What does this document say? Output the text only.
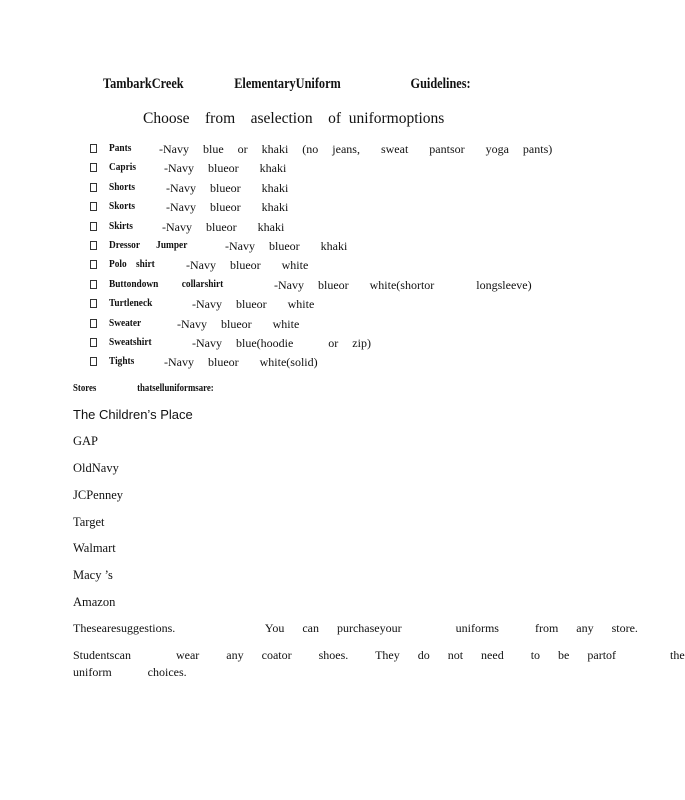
TambarkCreek	ElementaryUniform	Guidelines:
Choose    from    aselection    of  uniformoptions
Pants -Navy  blue  or  khaki  (no  jeans,   sweat   pantsor   yoga  pants)
Capris -Navy  blueor   khaki
Shorts	-Navy  blueor   khaki
Skorts	-Navy  blueor   khaki
Skirts -Navy  blueor   khaki
Dressor       Jumper	-Navy  blueor   khaki
Polo    shirt	-Navy  blueor   white
Buttondown          collarshirt	-Navy  blueor   white(shortor      longsleeve)
Turtleneck	-Navy  blueor   white
Sweater	-Navy  blueor   white
Sweatshirt	-Navy  blue(hoodie     or  zip)
Tights -Navy  blueor   white(solid)
Stores    thatselluniformsare:
The Children’s Place
GAP
OldNavy
JCPenney
Target
Walmart
Macy ’s
Amazon
Thesearesuggestions.          You  can  purchaseyour      uniforms    from  any  store.
Studentscan     wear   any  coator   shoes.   They  do  not  need   to  be  partof      the
uniform    choices.
